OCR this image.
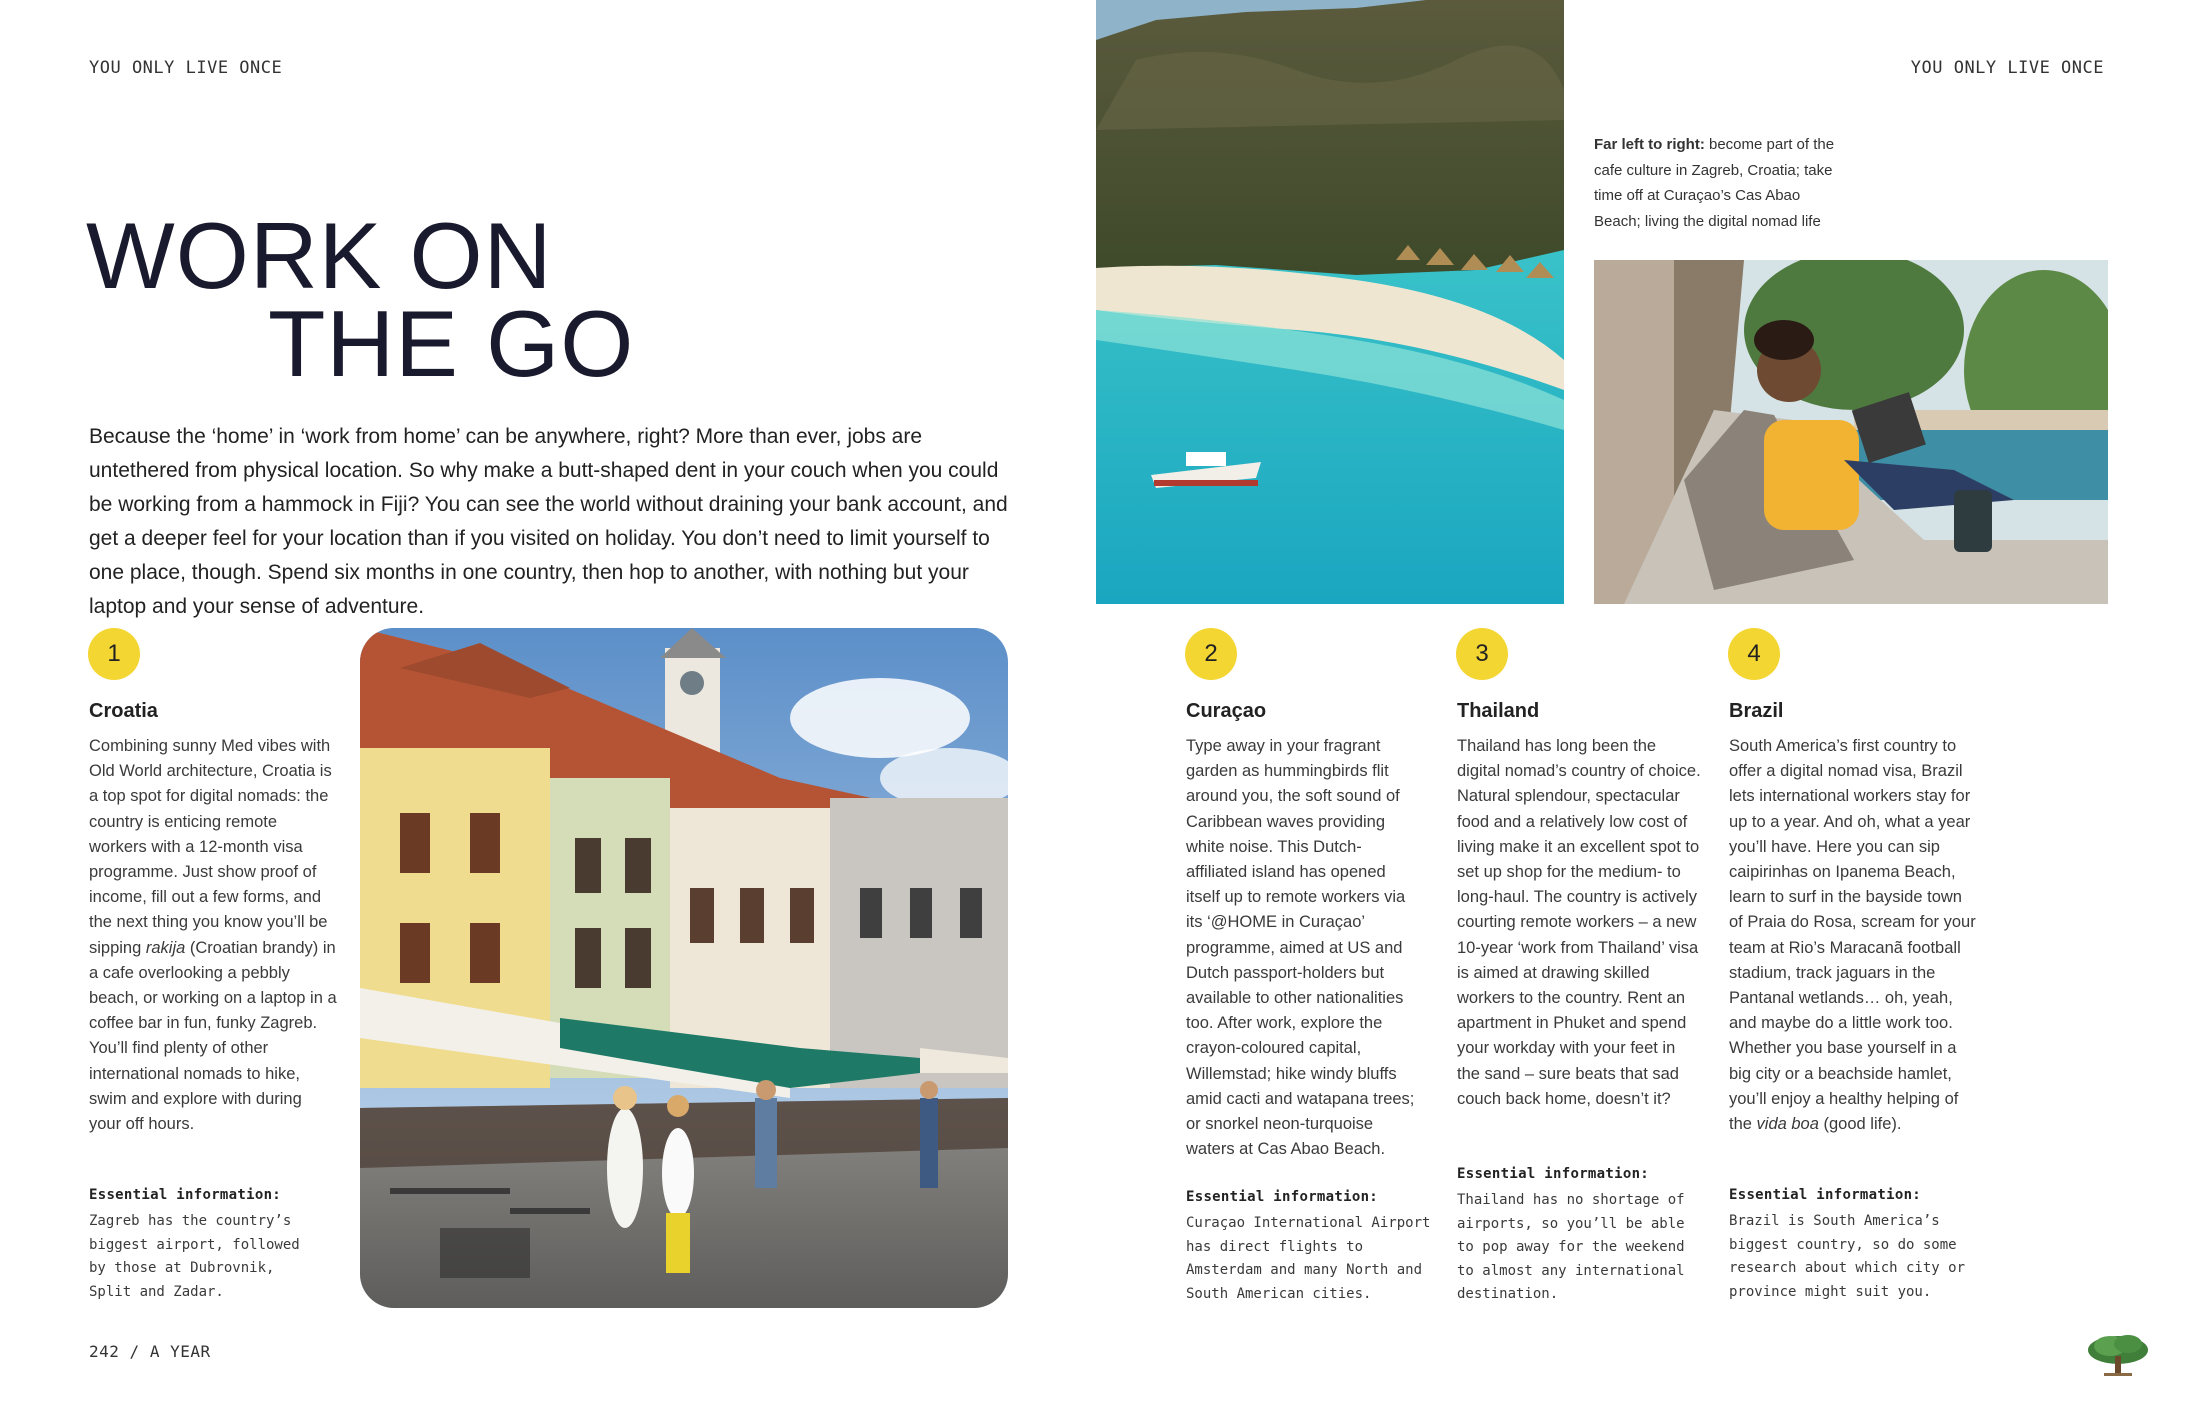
YOU ONLY LIVE ONCE	YOU ONLY LIVE ONCE
WORK ON
THE GO
Because the ‘home’ in ‘work from home’ can be anywhere, right? More than ever, jobs are untethered from physical location. So why make a butt-shaped dent in your couch when you could be working from a hammock in Fiji? You can see the world without draining your bank account, and get a deeper feel for your location than if you visited on holiday. You don’t need to limit yourself to one place, though. Spend six months in one country, then hop to another, with nothing but your laptop and your sense of adventure.
Far left to right: become part of the cafe culture in Zagreb, Croatia; take time off at Curaçao’s Cas Abao Beach; living the digital nomad life
1
Croatia
Combining sunny Med vibes with Old World architecture, Croatia is a top spot for digital nomads: the country is enticing remote workers with a 12-month visa programme. Just show proof of income, fill out a few forms, and the next thing you know you’ll be sipping rakija (Croatian brandy) in a cafe overlooking a pebbly beach, or working on a laptop in a coffee bar in fun, funky Zagreb. You’ll find plenty of other international nomads to hike, swim and explore with during your off hours.
Essential information:
Zagreb has the country’s biggest airport, followed by those at Dubrovnik, Split and Zadar.
2
Curaçao
Type away in your fragrant garden as hummingbirds flit around you, the soft sound of Caribbean waves providing white noise. This Dutch-affiliated island has opened itself up to remote workers via its ‘@HOME in Curaçao’ programme, aimed at US and Dutch passport-holders but available to other nationalities too. After work, explore the crayon-coloured capital, Willemstad; hike windy bluffs amid cacti and watapana trees; or snorkel neon-turquoise waters at Cas Abao Beach.
Essential information:
Curaçao International Airport has direct flights to Amsterdam and many North and South American cities.
3
Thailand
Thailand has long been the digital nomad’s country of choice. Natural splendour, spectacular food and a relatively low cost of living make it an excellent spot to set up shop for the medium- to long-haul. The country is actively courting remote workers – a new 10-year ‘work from Thailand’ visa is aimed at drawing skilled workers to the country. Rent an apartment in Phuket and spend your workday with your feet in the sand – sure beats that sad couch back home, doesn’t it?
Essential information:
Thailand has no shortage of airports, so you’ll be able to pop away for the weekend to almost any international destination.
4
Brazil
South America’s first country to offer a digital nomad visa, Brazil lets international workers stay for up to a year. And oh, what a year you’ll have. Here you can sip caipirinhas on Ipanema Beach, learn to surf in the bayside town of Praia do Rosa, scream for your team at Rio’s Maracanã football stadium, track jaguars in the Pantanal wetlands… oh, yeah, and maybe do a little work too. Whether you base yourself in a big city or a beachside hamlet, you’ll enjoy a healthy helping of the vida boa (good life).
Essential information:
Brazil is South America’s biggest country, so do some research about which city or province might suit you.
242 / A YEAR
